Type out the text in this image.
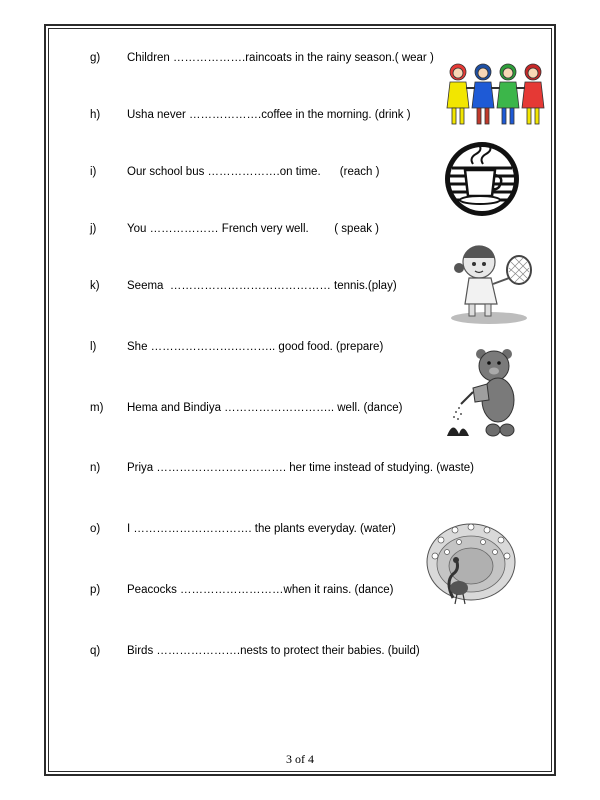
g) Children ……………….raincoats in the rainy season.( wear )
h) Usha never ……………….coffee in the morning. (drink )
i)	Our school bus ……………….on time.      (reach )
j)	You ……………… French very well.        ( speak )
k) Seema  …………………………………… tennis.(play)
l)	She ………………….……….. good food. (prepare)
m) Hema and Bindiya ……………………….. well. (dance)
n) Priya ……………………………. her time instead of studying. (waste)
o) I …………………………. the plants everyday. (water)
p) Peacocks ………………………when it rains. (dance)
q) Birds ………………….nests to protect their babies. (build)
3 of 4
